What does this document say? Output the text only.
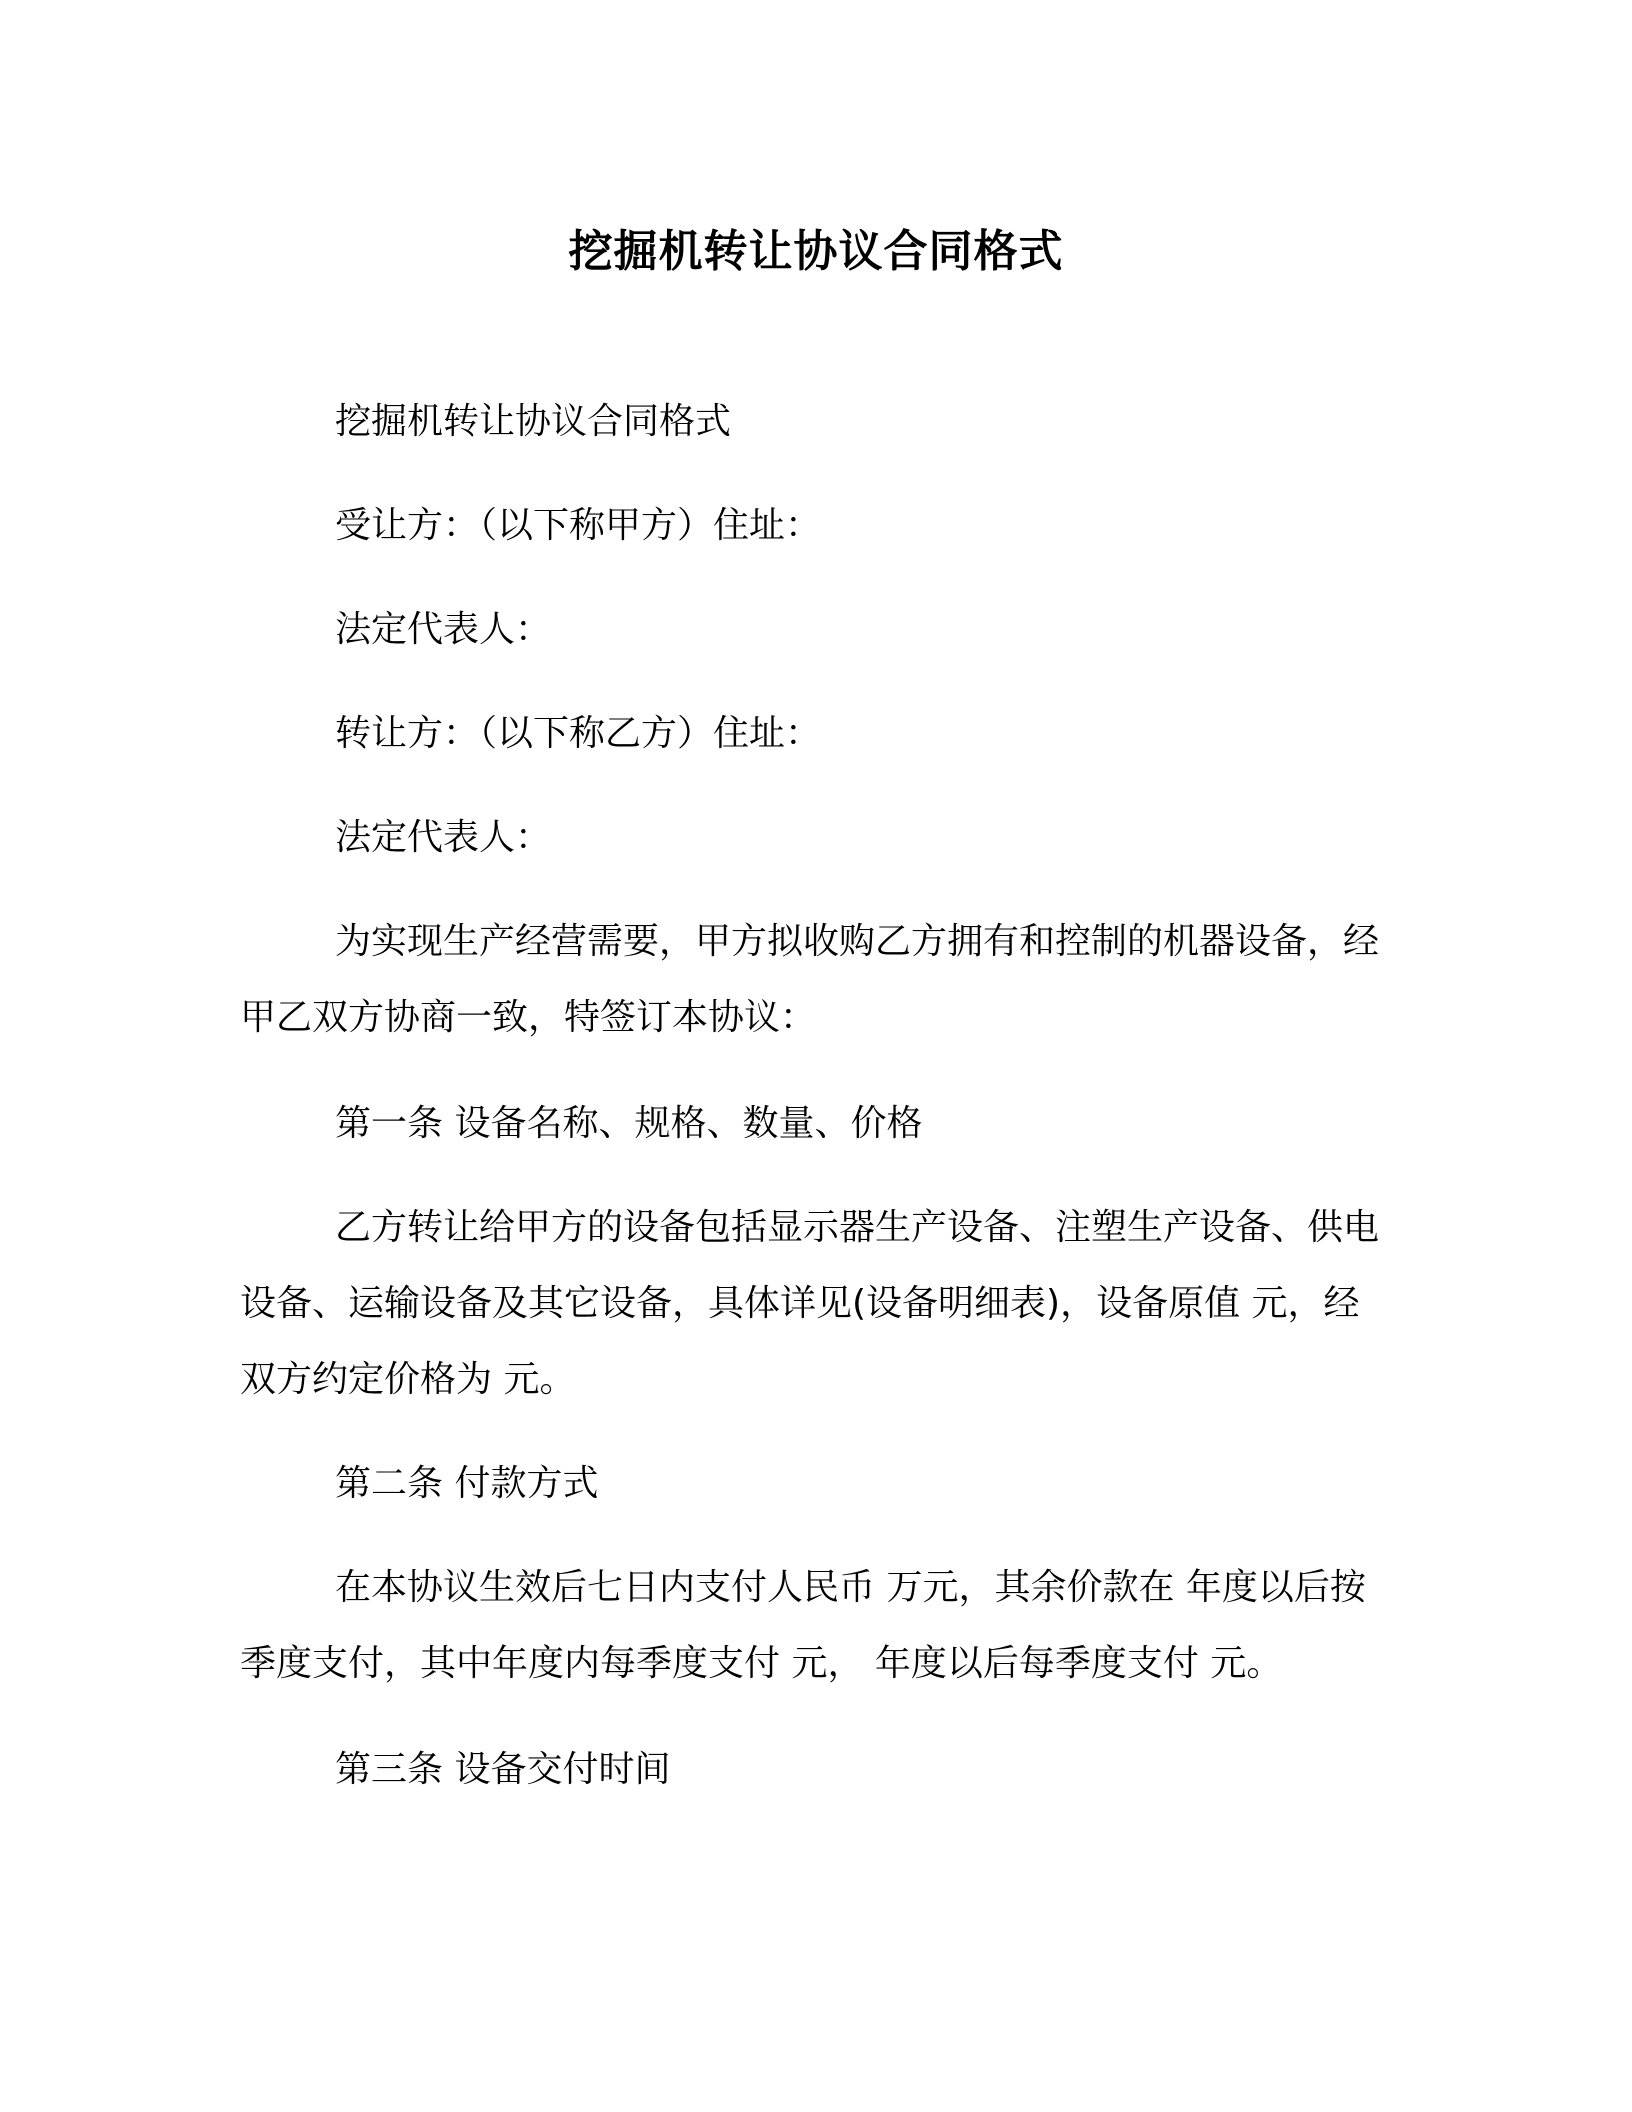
挖掘机转让协议合同格式
挖掘机转让协议合同格式
受让方：（以下称甲方）住址：
法定代表人：
转让方：（以下称乙方）住址：
法定代表人：
为实现生产经营需要，甲方拟收购乙方拥有和控制的机器设备，经甲乙双方协商一致，特签订本协议：
第一条 设备名称、规格、数量、价格
乙方转让给甲方的设备包括显示器生产设备、注塑生产设备、供电设备、运输设备及其它设备，具体详见(设备明细表)，设备原值 元，经双方约定价格为 元。
第二条 付款方式
在本协议生效后七日内支付人民币 万元，其余价款在 年度以后按季度支付，其中年度内每季度支付 元， 年度以后每季度支付 元。
第三条 设备交付时间
